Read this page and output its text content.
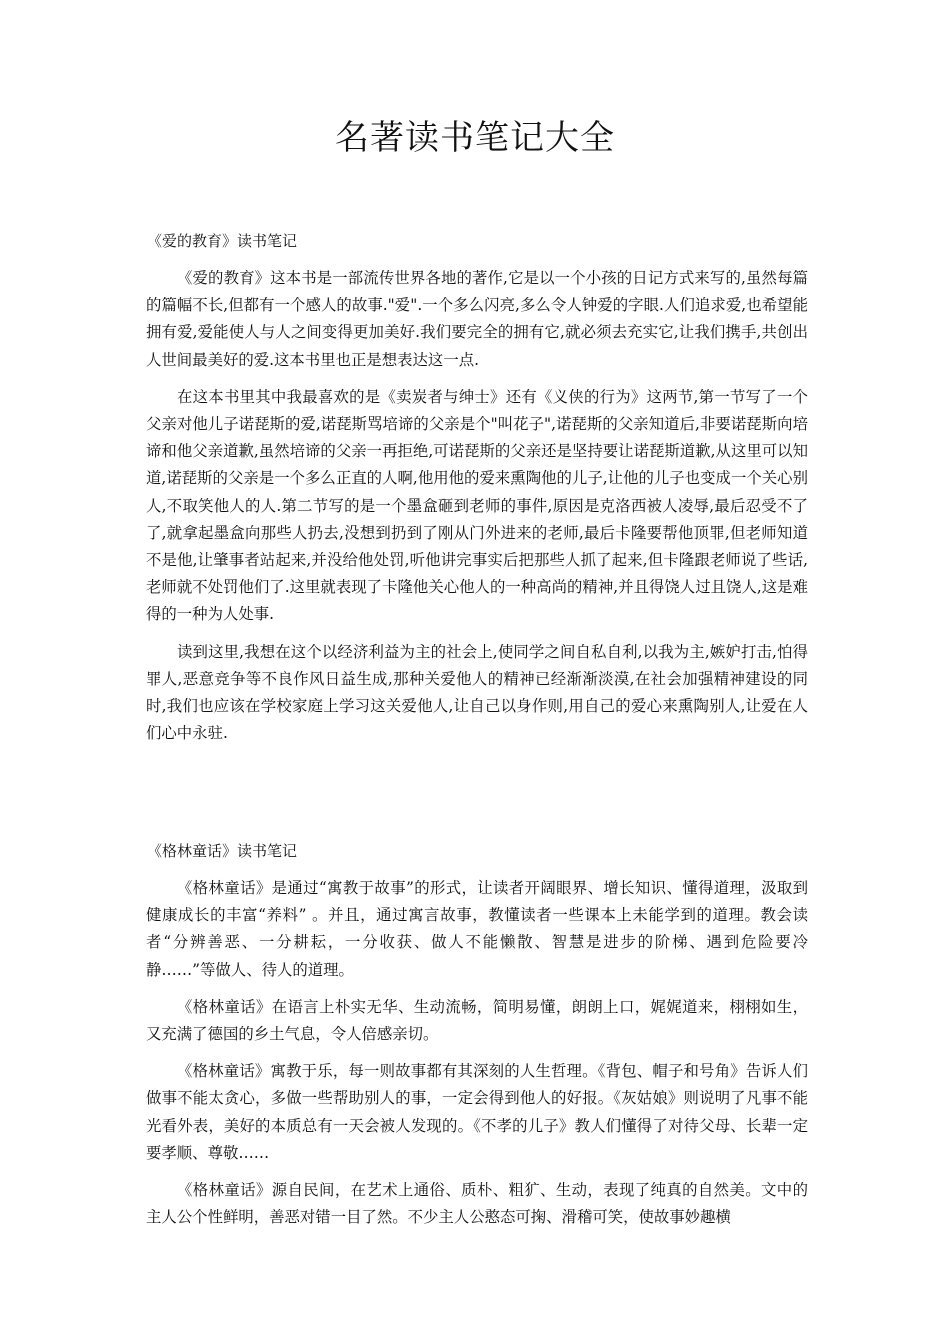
名著读书笔记大全
《爱的教育》读书笔记

《爱的教育》这本书是一部流传世界各地的著作,它是以一个小孩的日记方式来写的,虽然每篇的篇幅不长,但都有一个感人的故事."爱".一个多么闪亮,多么令人钟爱的字眼.人们追求爱,也希望能拥有爱,爱能使人与人之间变得更加美好.我们要完全的拥有它,就必须去充实它,让我们携手,共创出人世间最美好的爱.这本书里也正是想表达这一点.

在这本书里其中我最喜欢的是《卖炭者与绅士》还有《义侠的行为》这两节,第一节写了一个父亲对他儿子诺琵斯的爱,诺琵斯骂培谛的父亲是个"叫花子",诺琵斯的父亲知道后,非要诺琵斯向培谛和他父亲道歉,虽然培谛的父亲一再拒绝,可诺琵斯的父亲还是坚持要让诺琵斯道歉,从这里可以知道,诺琵斯的父亲是一个多么正直的人啊,他用他的爱来熏陶他的儿子,让他的儿子也变成一个关心别人,不取笑他人的人.第二节写的是一个墨盒砸到老师的事件,原因是克洛西被人凌辱,最后忍受不了了,就拿起墨盒向那些人扔去,没想到扔到了刚从门外进来的老师,最后卡隆要帮他顶罪,但老师知道不是他,让肇事者站起来,并没给他处罚,听他讲完事实后把那些人抓了起来,但卡隆跟老师说了些话,老师就不处罚他们了.这里就表现了卡隆他关心他人的一种高尚的精神,并且得饶人过且饶人,这是难得的一种为人处事.

读到这里,我想在这个以经济利益为主的社会上,使同学之间自私自利,以我为主,嫉妒打击,怕得罪人,恶意竞争等不良作风日益生成,那种关爱他人的精神已经渐渐淡漠,在社会加强精神建设的同时,我们也应该在学校家庭上学习这关爱他人,让自己以身作则,用自己的爱心来熏陶别人,让爱在人们心中永驻.

《格林童话》读书笔记

《格林童话》是通过“寓教于故事”的形式，让读者开阔眼界、增长知识、懂得道理，汲取到健康成长的丰富“养料” 。并且，通过寓言故事，教懂读者一些课本上未能学到的道理。教会读者“分辨善恶、一分耕耘，一分收获、做人不能懒散、智慧是进步的阶梯、遇到危险要冷静……”等做人、待人的道理。

《格林童话》在语言上朴实无华、生动流畅，简明易懂，朗朗上口，娓娓道来，栩栩如生，又充满了德国的乡土气息，令人倍感亲切。

《格林童话》寓教于乐，每一则故事都有其深刻的人生哲理。《背包、帽子和号角》告诉人们做事不能太贪心，多做一些帮助别人的事，一定会得到他人的好报。《灰姑娘》则说明了凡事不能光看外表，美好的本质总有一天会被人发现的。《不孝的儿子》教人们懂得了对待父母、长辈一定要孝顺、尊敬……

《格林童话》源自民间，在艺术上通俗、质朴、粗犷、生动，表现了纯真的自然美。文中的主人公个性鲜明，善恶对错一目了然。不少主人公憨态可掬、滑稽可笑，使故事妙趣横
